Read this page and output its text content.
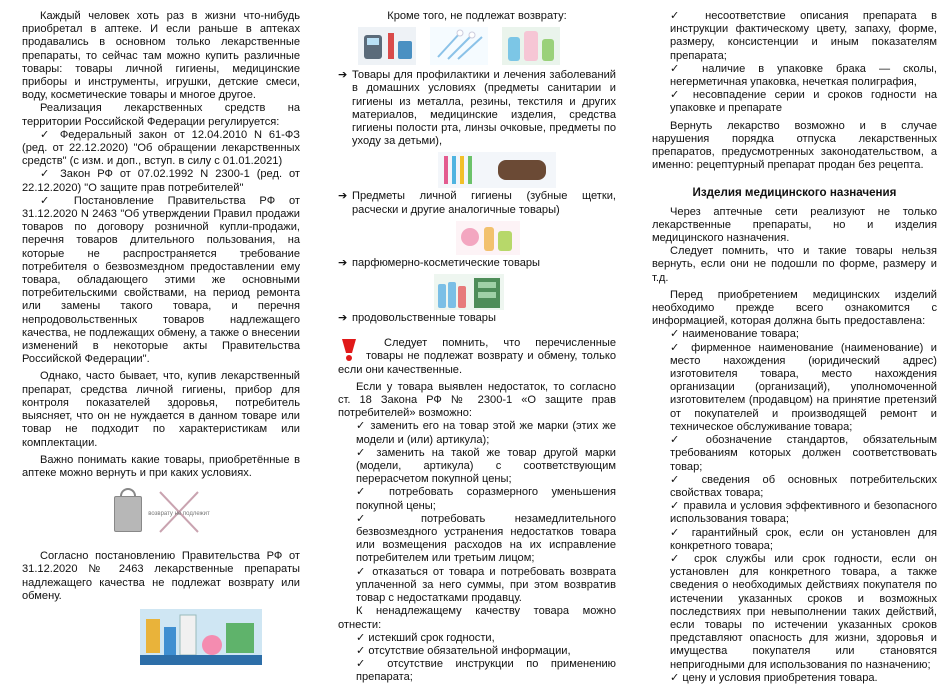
Каждый человек хоть раз в жизни что-нибудь приобретал в аптеке. И если раньше в аптеках продавались в основном только лекарственные препараты, то сейчас там можно купить различные товары: товары личной гигиены, медицинские приборы и инструменты, игрушки, детские смеси, воду, косметические товары и многое другое.

Реализация лекарственных средств на территории Российской Федерации регулируется:

✓ Федеральный закон от 12.04.2010 N 61-ФЗ (ред. от 22.12.2020) "Об обращении лекарственных средств" (с изм. и доп., вступ. в силу с 01.01.2021)

✓ Закон РФ от 07.02.1992 N 2300-1 (ред. от 22.12.2020) "О защите прав потребителей"

✓ Постановление Правительства РФ от 31.12.2020 N 2463 "Об утверждении Правил продажи товаров по договору розничной купли-продажи, перечня товаров длительного пользования, на которые не распространяется требование потребителя о безвозмездном предоставлении ему товара, обладающего этими же основными потребительскими свойствами, на период ремонта или замены такого товара, и перечня непродовольственных товаров надлежащего качества, не подлежащих обмену, а также о внесении изменений в некоторые акты Правительства Российской Федерации".

Однако, часто бывает, что, купив лекарственный препарат, средства личной гигиены, прибор для контроля показателей здоровья, потребитель выясняет, что он не нуждается в данном товаре или товар не подходит по характеристикам или комплектации.

Важно понимать какие товары, приобретённые в аптеке можно вернуть и при каких условиях.

возврату не подлежит

Согласно постановлению Правительства РФ от 31.12.2020 № 2463 лекарственные препараты надлежащего качества не подлежат возврату или обмену.

Кроме того, не подлежат возврату:

➔ Товары для профилактики и лечения заболеваний в домашних условиях (предметы санитарии и гигиены из металла, резины, текстиля и других материалов, медицинские изделия, средства гигиены полости рта, линзы очковые, предметы по уходу за детьми),

➔ Предметы личной гигиены (зубные щетки, расчески и другие аналогичные товары)

➔ парфюмерно-косметические товары

➔ продовольственные товары

Следует помнить, что перечисленные товары не подлежат возврату и обмену, только если они качественные.

Если у товара выявлен недостаток, то согласно ст. 18 Закона РФ № 2300-1 «О защите прав потребителей» возможно:

✓ заменить его на товар этой же марки (этих же модели и (или) артикула);

✓ заменить на такой же товар другой марки (модели, артикула) с соответствующим перерасчетом покупной цены;

✓ потребовать соразмерного уменьшения покупной цены;

✓ потребовать незамедлительного безвозмездного устранения недостатков товара или возмещения расходов на их исправление потребителем или третьим лицом;

✓ отказаться от товара и потребовать возврата уплаченной за него суммы, при этом возвратив товар с недостатками продавцу.

К ненадлежащему качеству товара можно отнести:

✓ истекший срок годности,

✓ отсутствие обязательной информации,

✓ отсутствие инструкции по применению препарата;

✓ несоответствие описания препарата в инструкции фактическому цвету, запаху, форме, размеру, консистенции и иным показателям препарата;

✓ наличие в упаковке брака — сколы, негерметичная упаковка, нечеткая полиграфия,

✓ несовпадение серии и сроков годности на упаковке и препарате

Вернуть лекарство возможно и в случае нарушения порядка отпуска лекарственных препаратов, предусмотренных законодательством, а именно: рецептурный препарат продан без рецепта.

Изделия медицинского назначения

Через аптечные сети реализуют не только лекарственные препараты, но и изделия медицинского назначения.

Следует помнить, что и такие товары нельзя вернуть, если они не подошли по форме, размеру и т.д.

Перед приобретением медицинских изделий необходимо прежде всего ознакомится с информацией, которая должна быть предоставлена:

✓ наименование товара;

✓ фирменное наименование (наименование) и место нахождения (юридический адрес) изготовителя товара, место нахождения организации (организаций), уполномоченной изготовителем (продавцом) на принятие претензий от покупателей и производящей ремонт и техническое обслуживание товара;

✓ обозначение стандартов, обязательным требованиям которых должен соответствовать товар;

✓ сведения об основных потребительских свойствах товара;

✓ правила и условия эффективного и безопасного использования товара;

✓ гарантийный срок, если он установлен для конкретного товара;

✓ срок службы или срок годности, если он установлен для конкретного товара, а также сведения о необходимых действиях покупателя по истечении указанных сроков и возможных последствиях при невыполнении таких действий, если товары по истечении указанных сроков представляют опасность для жизни, здоровья и имущества покупателя или становятся непригодными для использования по назначению;

✓ цену и условия приобретения товара.
